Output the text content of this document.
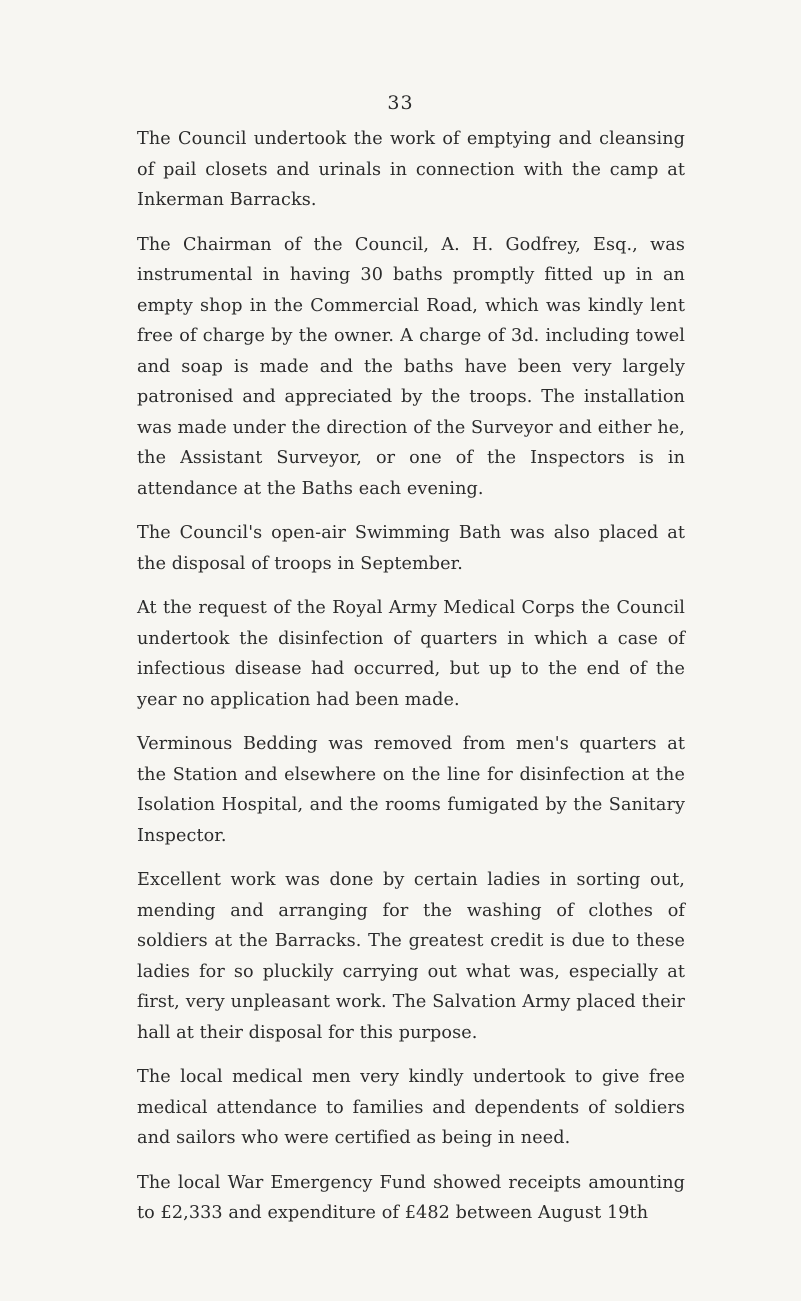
33

The Council undertook the work of emptying and cleansing of pail closets and urinals in connection with the camp at Inkerman Barracks.

The Chairman of the Council, A. H. Godfrey, Esq., was instrumental in having 30 baths promptly fitted up in an empty shop in the Commercial Road, which was kindly lent free of charge by the owner. A charge of 3d. including towel and soap is made and the baths have been very largely patronised and appreciated by the troops. The installation was made under the direction of the Surveyor and either he, the Assistant Surveyor, or one of the Inspectors is in attendance at the Baths each evening.

The Council's open-air Swimming Bath was also placed at the disposal of troops in September.

At the request of the Royal Army Medical Corps the Council undertook the disinfection of quarters in which a case of infectious disease had occurred, but up to the end of the year no application had been made.

Verminous Bedding was removed from men's quarters at the Station and elsewhere on the line for disinfection at the Isolation Hospital, and the rooms fumigated by the Sanitary Inspector.

Excellent work was done by certain ladies in sorting out, mending and arranging for the washing of clothes of soldiers at the Barracks. The greatest credit is due to these ladies for so pluckily carrying out what was, especially at first, very unpleasant work. The Salvation Army placed their hall at their disposal for this purpose.

The local medical men very kindly undertook to give free medical attendance to families and dependents of soldiers and sailors who were certified as being in need.

The local War Emergency Fund showed receipts amounting to £2,333 and expenditure of £482 between August 19th
